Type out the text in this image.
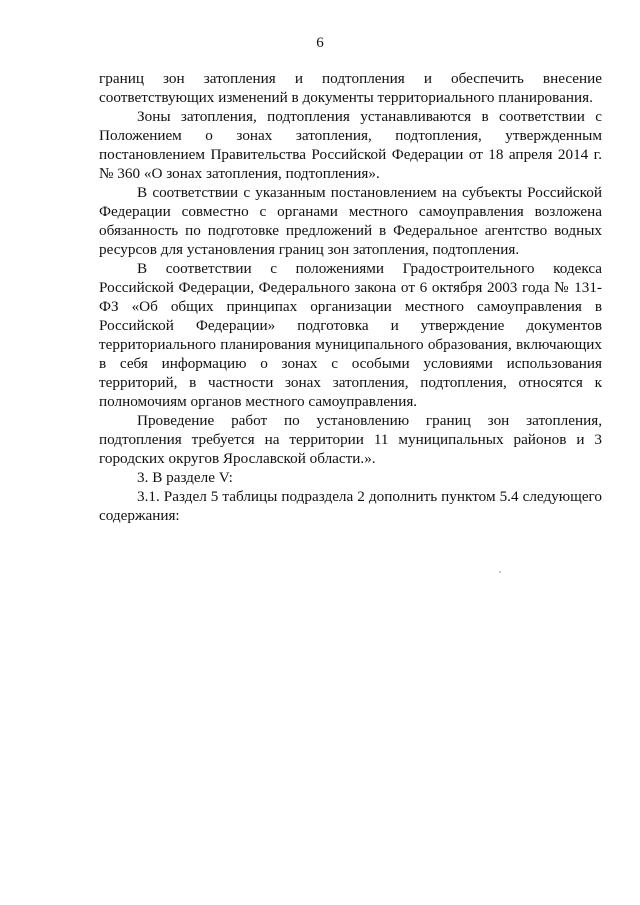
6

границ зон затопления и подтопления и обеспечить внесение соответствующих изменений в документы территориального планирования.

Зоны затопления, подтопления устанавливаются в соответствии с Положением о зонах затопления, подтопления, утвержденным постановлением Правительства Российской Федерации от 18 апреля 2014 г. № 360 «О зонах затопления, подтопления».

В соответствии с указанным постановлением на субъекты Российской Федерации совместно с органами местного самоуправления возложена обязанность по подготовке предложений в Федеральное агентство водных ресурсов для установления границ зон затопления, подтопления.

В соответствии с положениями Градостроительного кодекса Российской Федерации, Федерального закона от 6 октября 2003 года № 131-ФЗ «Об общих принципах организации местного самоуправления в Российской Федерации» подготовка и утверждение документов территориального планирования муниципального образования, включающих в себя информацию о зонах с особыми условиями использования территорий, в частности зонах затопления, подтопления, относятся к полномочиям органов местного самоуправления.

Проведение работ по установлению границ зон затопления, подтопления требуется на территории 11 муниципальных районов и 3 городских округов Ярославской области.».

3. В разделе V:

3.1. Раздел 5 таблицы подраздела 2 дополнить пунктом 5.4 следующего содержания:
